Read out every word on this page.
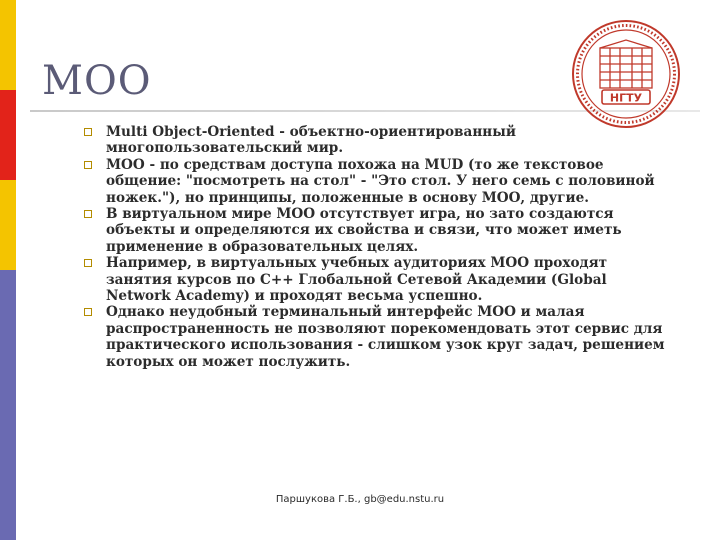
МОО	НГТУ
Multi Object-Oriented - объектно-ориентированный
многопользовательский мир.
МОО - по средствам доступа похожа на MUD (то же текстовое
общение: "посмотреть на стол" - "Это стол. У него семь с половиной
ножек."), но принципы, положенные в основу МОО, другие.
В виртуальном мире МОО отсутствует игра, но зато создаются
объекты и определяются их свойства и связи, что может иметь
применение в образовательных целях.
Например, в виртуальных учебных аудиториях МОО проходят
занятия курсов по С++ Глобальной Сетевой Академии (Global
Network Academy) и проходят весьма успешно.
Однако неудобный терминальный интерфейс МОО и малая
распространенность не позволяют порекомендовать этот сервис для
практического использования - слишком узок круг задач, решением
которых он может послужить.
Паршукова Г.Б., gb@edu.nstu.ru
